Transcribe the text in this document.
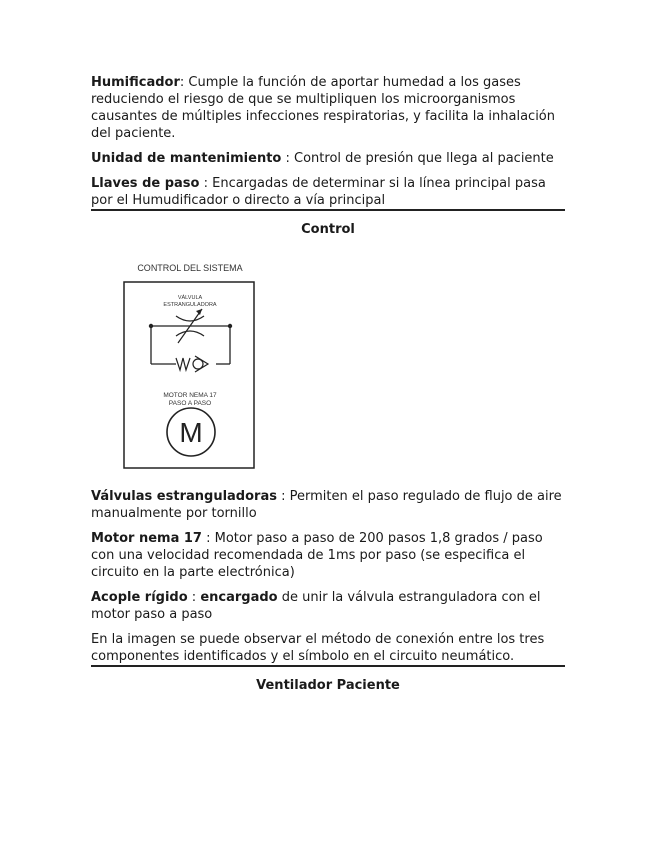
Humificador: Cumple la función de aportar humedad a los gases reduciendo el riesgo de que se multipliquen los microorganismos causantes de múltiples infecciones respiratorias, y facilita la inhalación del paciente.

Unidad de mantenimiento : Control de presión que llega al paciente

Llaves de paso : Encargadas de determinar si la línea principal pasa por el Humudificador o directo a vía principal

Control
CONTROL DEL SISTEMA
VÁLVULA
ESTRANGULADORA
MOTOR NEMA 17
PASO A PASO
M

Válvulas estranguladoras : Permiten el paso regulado de flujo de aire manualmente por tornillo

Motor nema 17 : Motor paso a paso de 200 pasos 1,8 grados / paso con una velocidad recomendada de 1ms por paso (se especifica el circuito en la parte electrónica)

Acople rígido : encargado de unir la válvula estranguladora con el motor paso a paso

En la imagen se puede observar el método de conexión entre los tres componentes identificados y el símbolo en el circuito neumático.

Ventilador Paciente
